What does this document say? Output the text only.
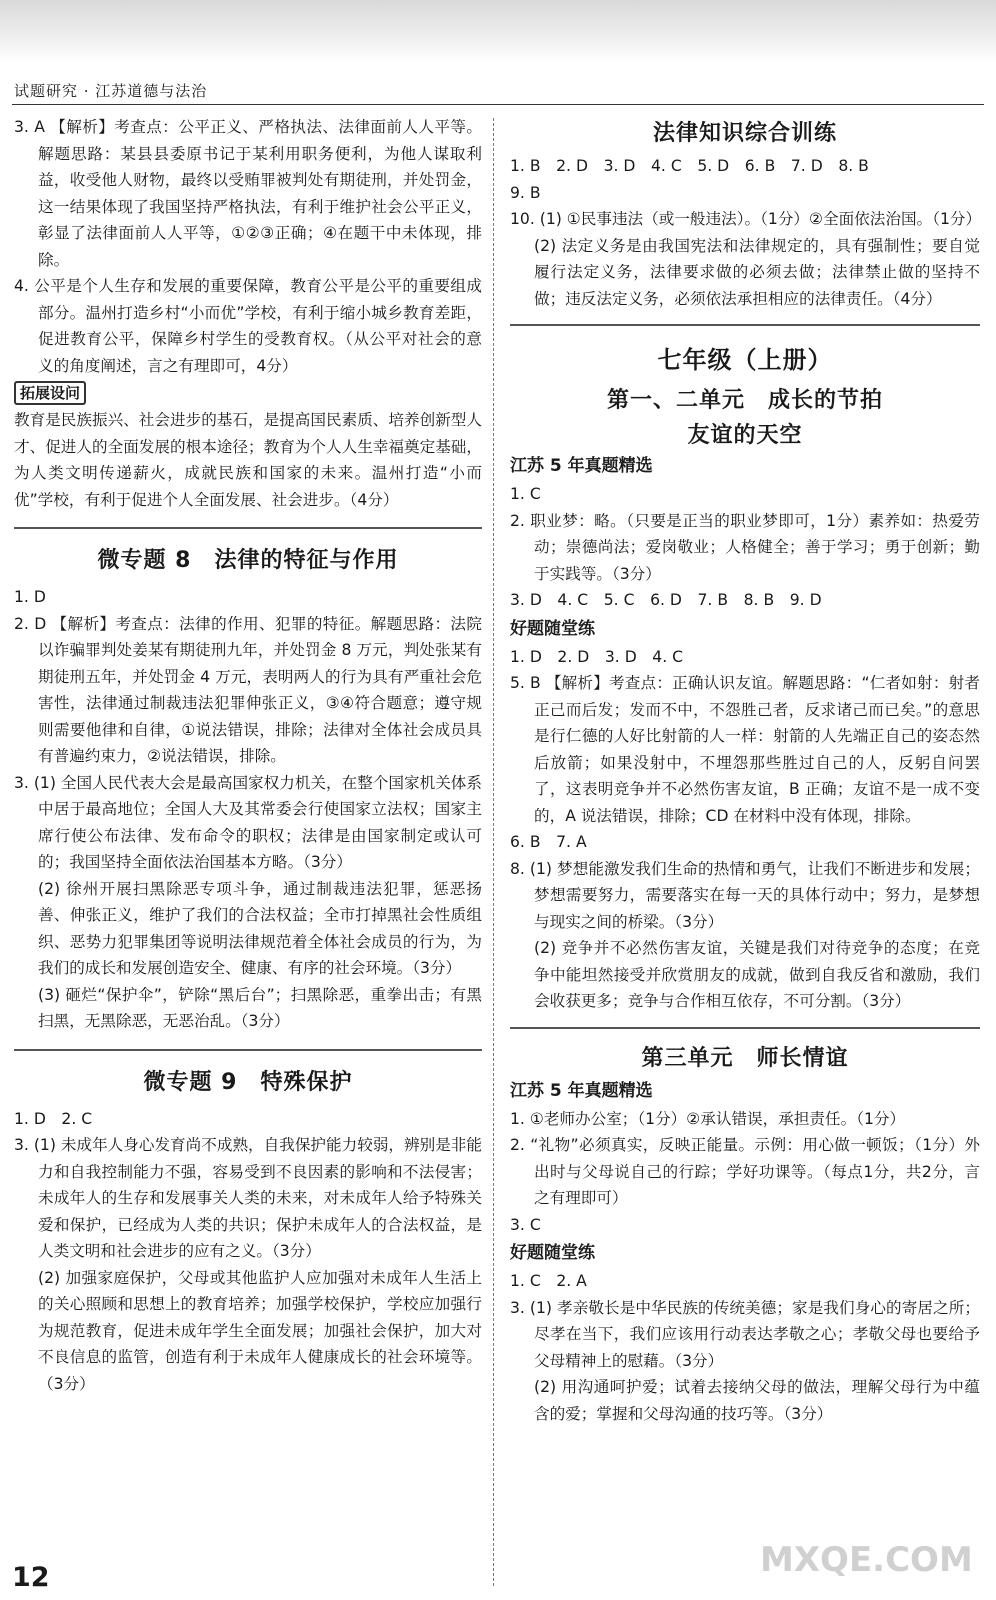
试题研究 · 江苏道德与法治

3. A 【解析】考查点：公平正义、严格执法、法律面前人人平等。解题思路：某县县委原书记于某利用职务便利，为他人谋取利益，收受他人财物，最终以受贿罪被判处有期徒刑，并处罚金，这一结果体现了我国坚持严格执法，有利于维护社会公平正义，彰显了法律面前人人平等，①②③正确；④在题干中未体现，排除。

4. 公平是个人生存和发展的重要保障，教育公平是公平的重要组成部分。温州打造乡村“小而优”学校，有利于缩小城乡教育差距，促进教育公平，保障乡村学生的受教育权。（从公平对社会的意义的角度阐述，言之有理即可，4分）

拓展设问

教育是民族振兴、社会进步的基石，是提高国民素质、培养创新型人才、促进人的全面发展的根本途径；教育为个人人生幸福奠定基础，为人类文明传递薪火，成就民族和国家的未来。温州打造“小而优”学校，有利于促进个人全面发展、社会进步。（4分）

微专题 8　法律的特征与作用

1. D

2. D 【解析】考查点：法律的作用、犯罪的特征。解题思路：法院以诈骗罪判处姜某有期徒刑九年，并处罚金 8 万元，判处张某有期徒刑五年，并处罚金 4 万元，表明两人的行为具有严重社会危害性，法律通过制裁违法犯罪伸张正义，③④符合题意；遵守规则需要他律和自律，①说法错误，排除；法律对全体社会成员具有普遍约束力，②说法错误，排除。

3. (1) 全国人民代表大会是最高国家权力机关，在整个国家机关体系中居于最高地位；全国人大及其常委会行使国家立法权；国家主席行使公布法律、发布命令的职权；法律是由国家制定或认可的；我国坚持全面依法治国基本方略。（3分）

(2) 徐州开展扫黑除恶专项斗争，通过制裁违法犯罪，惩恶扬善、伸张正义，维护了我们的合法权益；全市打掉黑社会性质组织、恶势力犯罪集团等说明法律规范着全体社会成员的行为，为我们的成长和发展创造安全、健康、有序的社会环境。（3分）

(3) 砸烂“保护伞”，铲除“黑后台”；扫黑除恶，重拳出击；有黑扫黑，无黑除恶，无恶治乱。（3分）

微专题 9　特殊保护

1. D　2. C

3. (1) 未成年人身心发育尚不成熟，自我保护能力较弱，辨别是非能力和自我控制能力不强，容易受到不良因素的影响和不法侵害；未成年人的生存和发展事关人类的未来，对未成年人给予特殊关爱和保护，已经成为人类的共识；保护未成年人的合法权益，是人类文明和社会进步的应有之义。（3分）

(2) 加强家庭保护，父母或其他监护人应加强对未成年人生活上的关心照顾和思想上的教育培养；加强学校保护，学校应加强行为规范教育，促进未成年学生全面发展；加强社会保护，加大对不良信息的监管，创造有利于未成年人健康成长的社会环境等。（3分）

法律知识综合训练

1. B　2. D　3. D　4. C　5. D　6. B　7. D　8. B

9. B

10. (1) ①民事违法（或一般违法）。（1分）②全面依法治国。（1分）

(2) 法定义务是由我国宪法和法律规定的，具有强制性；要自觉履行法定义务，法律要求做的必须去做；法律禁止做的坚持不做；违反法定义务，必须依法承担相应的法律责任。（4分）

七年级（上册）

第一、二单元　成长的节拍

友谊的天空

江苏 5 年真题精选

1. C

2. 职业梦：略。（只要是正当的职业梦即可，1分）素养如：热爱劳动；崇德尚法；爱岗敬业；人格健全；善于学习；勇于创新；勤于实践等。（3分）

3. D　4. C　5. C　6. D　7. B　8. B　9. D

好题随堂练

1. D　2. D　3. D　4. C

5. B 【解析】考查点：正确认识友谊。解题思路：“仁者如射：射者正己而后发；发而不中，不怨胜己者，反求诸己而已矣。”的意思是行仁德的人好比射箭的人一样：射箭的人先端正自己的姿态然后放箭；如果没射中，不埋怨那些胜过自己的人，反躬自问罢了，这表明竞争并不必然伤害友谊，B 正确；友谊不是一成不变的，A 说法错误，排除；CD 在材料中没有体现，排除。

6. B　7. A

8. (1) 梦想能激发我们生命的热情和勇气，让我们不断进步和发展；梦想需要努力，需要落实在每一天的具体行动中；努力，是梦想与现实之间的桥梁。（3分）

(2) 竞争并不必然伤害友谊，关键是我们对待竞争的态度；在竞争中能坦然接受并欣赏朋友的成就，做到自我反省和激励，我们会收获更多；竞争与合作相互依存，不可分割。（3分）

第三单元　师长情谊

江苏 5 年真题精选

1. ①老师办公室；（1分）②承认错误，承担责任。（1分）

2. “礼物”必须真实，反映正能量。示例：用心做一顿饭；（1分）外出时与父母说自己的行踪；学好功课等。（每点1分，共2分，言之有理即可）

3. C

好题随堂练

1. C　2. A

3. (1) 孝亲敬长是中华民族的传统美德；家是我们身心的寄居之所；尽孝在当下，我们应该用行动表达孝敬之心；孝敬父母也要给予父母精神上的慰藉。（3分）

(2) 用沟通呵护爱；试着去接纳父母的做法，理解父母行为中蕴含的爱；掌握和父母沟通的技巧等。（3分）

12	MXQE.COM
